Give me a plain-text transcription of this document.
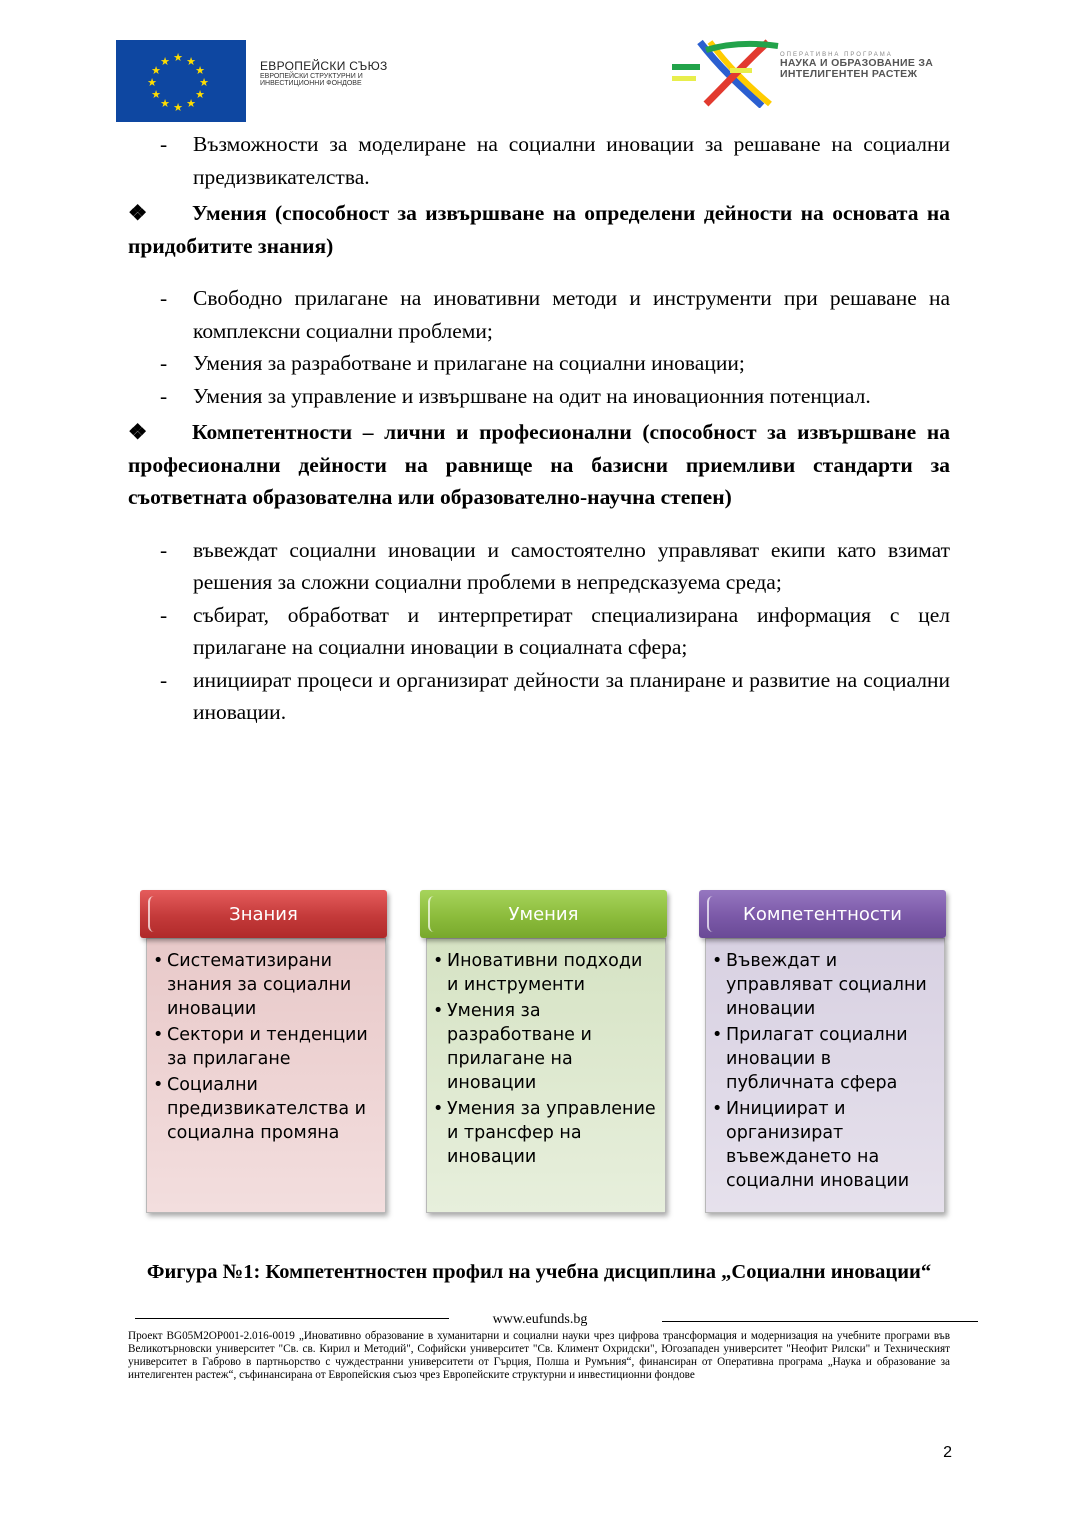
★ ★
★
★
★
★
★
★
★
★
★
★	ЕВРОПЕЙСКИ СЪЮЗ
ЕВРОПЕЙСКИ СТРУКТУРНИ И
ИНВЕСТИЦИОННИ ФОНДОВЕ
ОПЕРАТИВНА ПРОГРАМА
НАУКА И ОБРАЗОВАНИЕ ЗА
ИНТЕЛИГЕНТЕН РАСТЕЖ
- Възможности за моделиране на социални иновации за решаване на социални предизвикателства.
❖ Умения (способност за извършване на определени дейности на основата на придобитите знания)
- Свободно прилагане на иновативни методи и инструменти при решаване на комплексни социални проблеми;
- Умения за разработване и прилагане на социални иновации;
- Умения за управление и извършване на одит на иновационния потенциал.
❖ Компетентности – лични и професионални (способност за извършване на професионални дейности на равнище на базисни приемливи стандарти за съответната образователна или образователно-научна степен)
- въвеждат социални иновации и самостоятелно управляват екипи като взимат решения за сложни социални проблеми в непредсказуема среда;
- събират, обработват и интерпретират специализирана информация с цел прилагане на социални иновации в социалната сфера;
- инициират процеси и организират дейности за планиране и развитие на социални иновации.
• Систематизирани знания за социални иновации
• Сектори и тенденции за прилагане
• Социални предизвикателства и социална промяна
Знания
• Иновативни подходи и инструменти
• Умения за разработване и прилагане на иновации
• Умения за управление и трансфер на иновации
Умения
• Въвеждат и управляват социални иновации
• Прилагат социални иновации в публичната сфера
• Инициират и организират въвеждането на социални иновации
Компетентности
Фигура №1: Компетентностен профил на учебна дисциплина „Социални иновации“
www.eufunds.bg
Проект BG05M2OP001-2.016-0019 „Иновативно образование в хуманитарни и социални науки чрез цифрова трансформация и модернизация на учебните програми във Великотърновски университет "Св. св. Кирил и Методий", Софийски университет "Св. Климент Охридски", Югозападен университет "Неофит Рилски" и Техническият университет в Габрово в партньорство с чуждестранни университети от Гърция, Полша и Румъния“, финансиран от Оперативна програма „Наука и образование за интелигентен растеж“, съфинансирана от Европейския съюз чрез Европейските структурни и инвестиционни фондове
2
